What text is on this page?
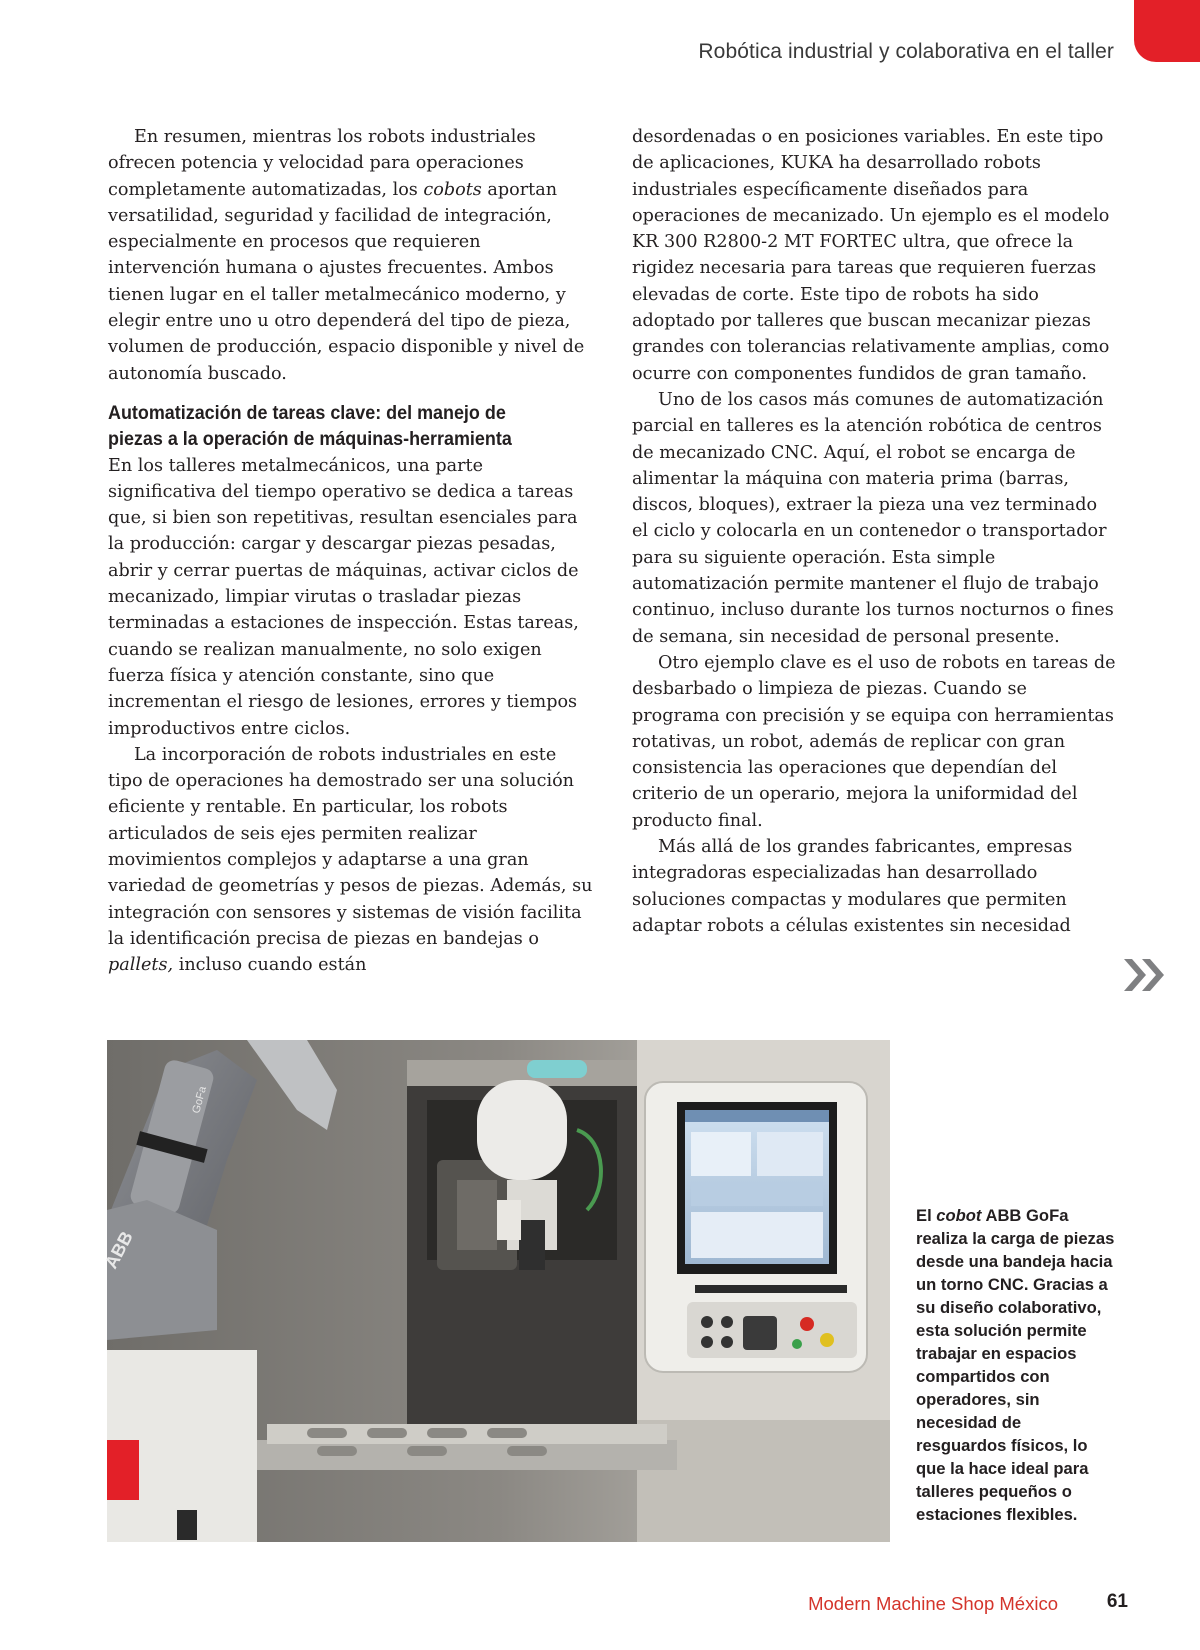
Robótica industrial y colaborativa en el taller

En resumen, mientras los robots industriales ofrecen potencia y velocidad para operaciones completamente automatizadas, los cobots aportan versatilidad, seguridad y facilidad de integración, especialmente en procesos que requieren intervención humana o ajustes frecuentes. Ambos tienen lugar en el taller metalmecánico moderno, y elegir entre uno u otro dependerá del tipo de pieza, volumen de producción, espacio disponible y nivel de autonomía buscado.

Automatización de tareas clave: del manejo de
piezas a la operación de máquinas-herramienta

En los talleres metalmecánicos, una parte significativa del tiempo operativo se dedica a tareas que, si bien son repetitivas, resultan esenciales para la producción: cargar y descargar piezas pesadas, abrir y cerrar puertas de máquinas, activar ciclos de mecanizado, limpiar virutas o trasladar piezas terminadas a estaciones de inspección. Estas tareas, cuando se realizan manualmente, no solo exigen fuerza física y atención constante, sino que incrementan el riesgo de lesiones, errores y tiempos improductivos entre ciclos.

La incorporación de robots industriales en este tipo de operaciones ha demostrado ser una solución eficiente y rentable. En particular, los robots articulados de seis ejes permiten realizar movimientos complejos y adaptarse a una gran variedad de geometrías y pesos de piezas. Además, su integración con sensores y sistemas de visión facilita la identificación precisa de piezas en bandejas o pallets, incluso cuando están

desordenadas o en posiciones variables. En este tipo de aplicaciones, KUKA ha desarrollado robots industriales específicamente diseñados para operaciones de mecanizado. Un ejemplo es el modelo KR 300 R2800-2 MT FORTEC ultra, que ofrece la rigidez necesaria para tareas que requieren fuerzas elevadas de corte. Este tipo de robots ha sido adoptado por talleres que buscan mecanizar piezas grandes con tolerancias relativamente amplias, como ocurre con componentes fundidos de gran tamaño.

Uno de los casos más comunes de automatización parcial en talleres es la atención robótica de centros de mecanizado CNC. Aquí, el robot se encarga de alimentar la máquina con materia prima (barras, discos, bloques), extraer la pieza una vez terminado el ciclo y colocarla en un contenedor o transportador para su siguiente operación. Esta simple automatización permite mantener el flujo de trabajo continuo, incluso durante los turnos nocturnos o fines de semana, sin necesidad de personal presente.

Otro ejemplo clave es el uso de robots en tareas de desbarbado o limpieza de piezas. Cuando se programa con precisión y se equipa con herramientas rotativas, un robot, además de replicar con gran consistencia las operaciones que dependían del criterio de un operario, mejora la uniformidad del producto final.

Más allá de los grandes fabricantes, empresas integradoras especializadas han desarrollado soluciones compactas y modulares que permiten adaptar robots a células existentes sin necesidad

ABB
GoFa
El cobot ABB GoFa realiza la carga de piezas desde una bandeja hacia un torno CNC. Gracias a su diseño colaborativo, esta solución permite trabajar en espacios compartidos con operadores, sin necesidad de resguardos físicos, lo que la hace ideal para talleres pequeños o estaciones flexibles.
Modern Machine Shop México	61
